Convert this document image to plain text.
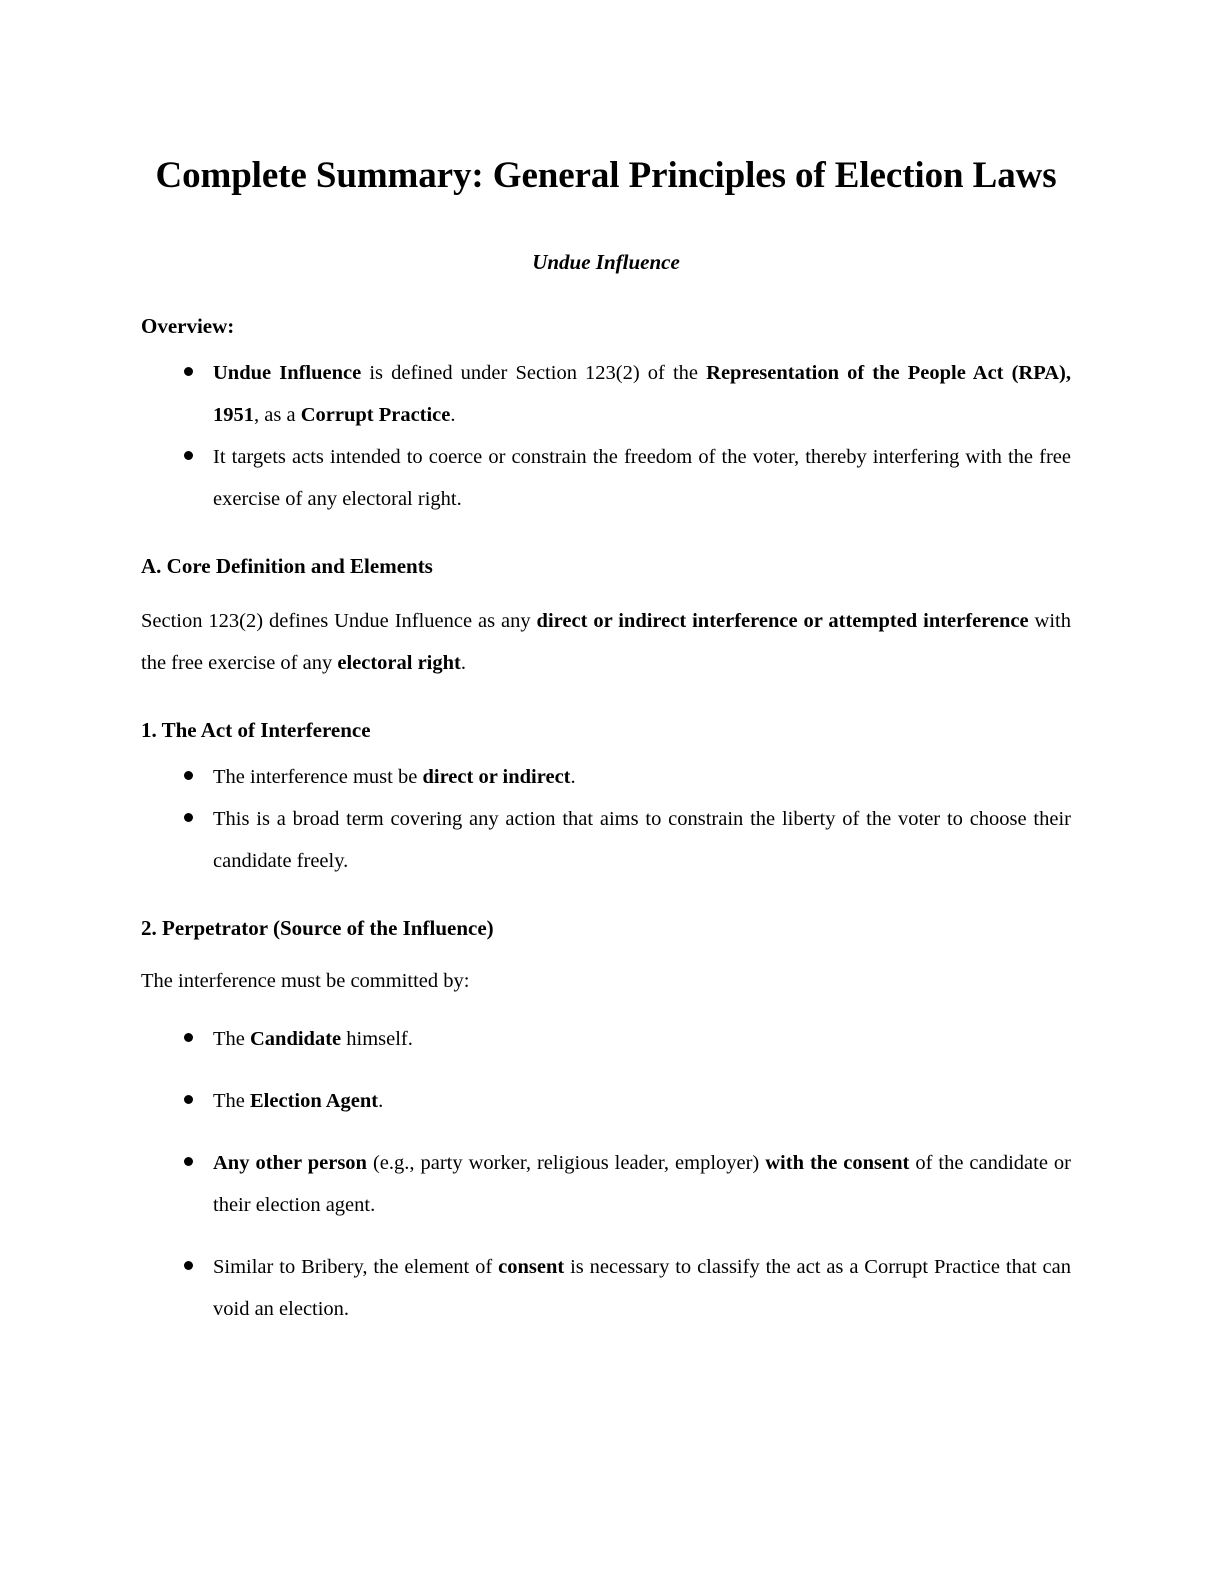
Complete Summary: General Principles of Election Laws
Undue Influence
Overview:
Undue Influence is defined under Section 123(2) of the Representation of the People Act (RPA), 1951, as a Corrupt Practice.
It targets acts intended to coerce or constrain the freedom of the voter, thereby interfering with the free exercise of any electoral right.
A. Core Definition and Elements

Section 123(2) defines Undue Influence as any direct or indirect interference or attempted interference with the free exercise of any electoral right.

1. The Act of Interference
The interference must be direct or indirect.
This is a broad term covering any action that aims to constrain the liberty of the voter to choose their candidate freely.
2. Perpetrator (Source of the Influence)

The interference must be committed by:

The Candidate himself.
The Election Agent.
Any other person (e.g., party worker, religious leader, employer) with the consent of the candidate or their election agent.
Similar to Bribery, the element of consent is necessary to classify the act as a Corrupt Practice that can void an election.
